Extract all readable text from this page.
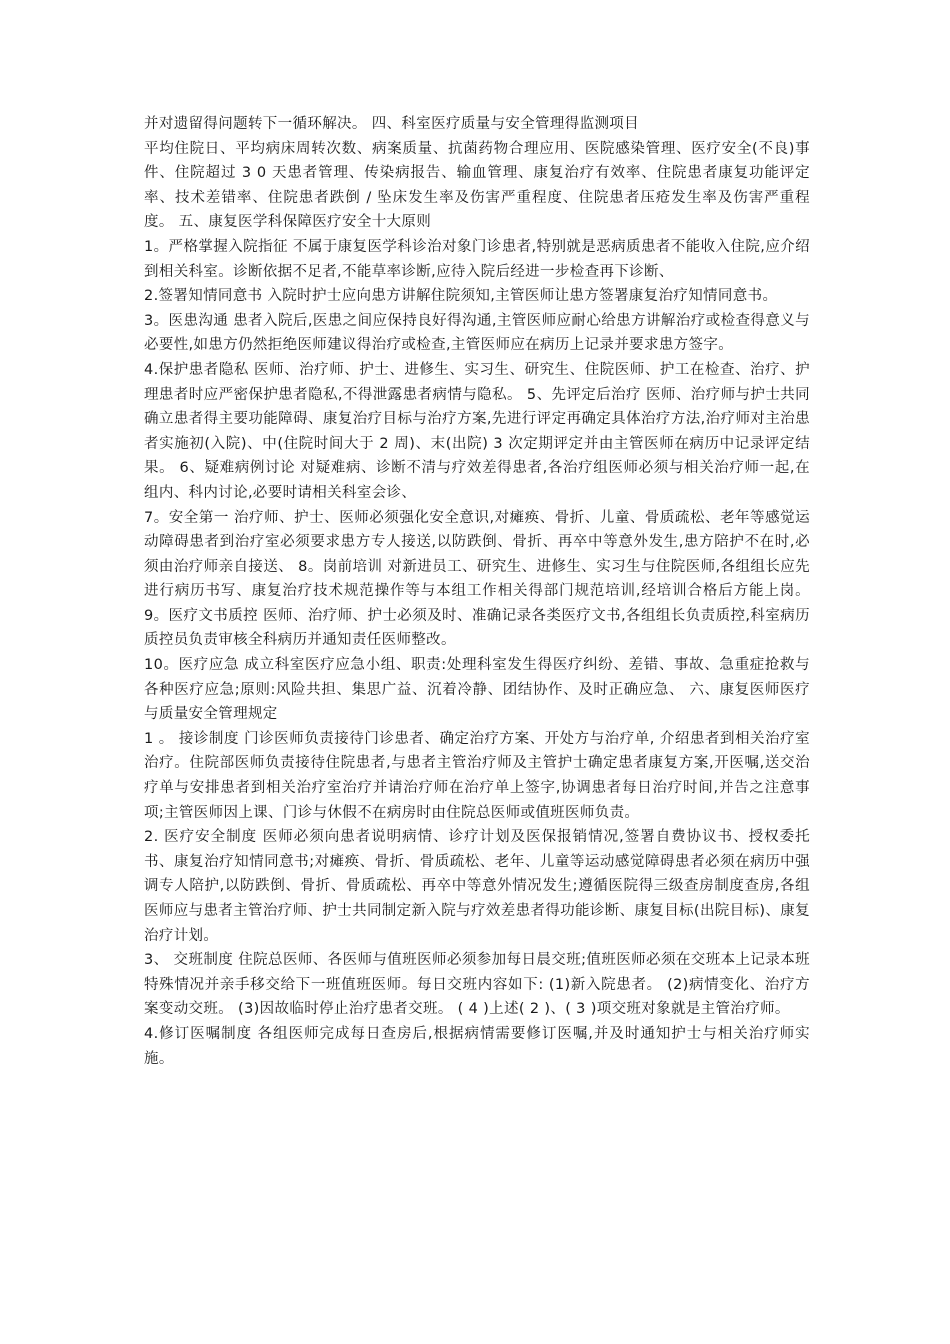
并对遗留得问题转下一循环解决。 四、科室医疗质量与安全管理得监测项目

平均住院日、平均病床周转次数、病案质量、抗菌药物合理应用、医院感染管理、医疗安全(不良)事件、住院超过 3 0 天患者管理、传染病报告、输血管理、康复治疗有效率、住院患者康复功能评定率、技术差错率、住院患者跌倒 / 坠床发生率及伤害严重程度、住院患者压疮发生率及伤害严重程度。 五、康复医学科保障医疗安全十大原则

1。严格掌握入院指征 不属于康复医学科诊治对象门诊患者,特别就是恶病质患者不能收入住院,应介绍到相关科室。诊断依据不足者,不能草率诊断,应待入院后经进一步检查再下诊断、

2.签署知情同意书 入院时护士应向患方讲解住院须知,主管医师让患方签署康复治疗知情同意书。

3。医患沟通 患者入院后,医患之间应保持良好得沟通,主管医师应耐心给患方讲解治疗或检查得意义与必要性,如患方仍然拒绝医师建议得治疗或检查,主管医师应在病历上记录并要求患方签字。

4.保护患者隐私 医师、治疗师、护士、进修生、实习生、研究生、住院医师、护工在检查、治疗、护理患者时应严密保护患者隐私,不得泄露患者病情与隐私。 5、先评定后治疗 医师、治疗师与护士共同确立患者得主要功能障碍、康复治疗目标与治疗方案,先进行评定再确定具体治疗方法,治疗师对主治患者实施初(入院)、中(住院时间大于 2 周)、末(出院) 3 次定期评定并由主管医师在病历中记录评定结果。 6、疑难病例讨论 对疑难病、诊断不清与疗效差得患者,各治疗组医师必须与相关治疗师一起,在组内、科内讨论,必要时请相关科室会诊、

7。安全第一 治疗师、护士、医师必须强化安全意识,对瘫痪、骨折、儿童、骨质疏松、老年等感觉运动障碍患者到治疗室必须要求患方专人接送,以防跌倒、骨折、再卒中等意外发生,患方陪护不在时,必须由治疗师亲自接送、 8。岗前培训 对新进员工、研究生、进修生、实习生与住院医师,各组组长应先进行病历书写、康复治疗技术规范操作等与本组工作相关得部门规范培训,经培训合格后方能上岗。 9。医疗文书质控 医师、治疗师、护士必须及时、准确记录各类医疗文书,各组组长负责质控,科室病历质控员负责审核全科病历并通知责任医师整改。

10。医疗应急 成立科室医疗应急小组、职责:处理科室发生得医疗纠纷、差错、事故、急重症抢救与各种医疗应急;原则:风险共担、集思广益、沉着冷静、团结协作、及时正确应急、 六、康复医师医疗与质量安全管理规定

1 。 接诊制度 门诊医师负责接待门诊患者、确定治疗方案、开处方与治疗单, 介绍患者到相关治疗室治疗。住院部医师负责接待住院患者,与患者主管治疗师及主管护士确定患者康复方案,开医嘱,送交治疗单与安排患者到相关治疗室治疗并请治疗师在治疗单上签字,协调患者每日治疗时间,并告之注意事项;主管医师因上课、门诊与休假不在病房时由住院总医师或值班医师负责。

2. 医疗安全制度 医师必须向患者说明病情、诊疗计划及医保报销情况,签署自费协议书、授权委托书、康复治疗知情同意书;对瘫痪、骨折、骨质疏松、老年、儿童等运动感觉障碍患者必须在病历中强调专人陪护,以防跌倒、骨折、骨质疏松、再卒中等意外情况发生;遵循医院得三级查房制度查房,各组医师应与患者主管治疗师、护士共同制定新入院与疗效差患者得功能诊断、康复目标(出院目标)、康复治疗计划。

3、 交班制度 住院总医师、各医师与值班医师必须参加每日晨交班;值班医师必须在交班本上记录本班特殊情况并亲手移交给下一班值班医师。每日交班内容如下: (1)新入院患者。 (2)病情变化、治疗方案变动交班。 (3)因故临时停止治疗患者交班。 ( 4 )上述( 2 )、( 3 )项交班对象就是主管治疗师。

4.修订医嘱制度 各组医师完成每日查房后,根据病情需要修订医嘱,并及时通知护士与相关治疗师实施。
